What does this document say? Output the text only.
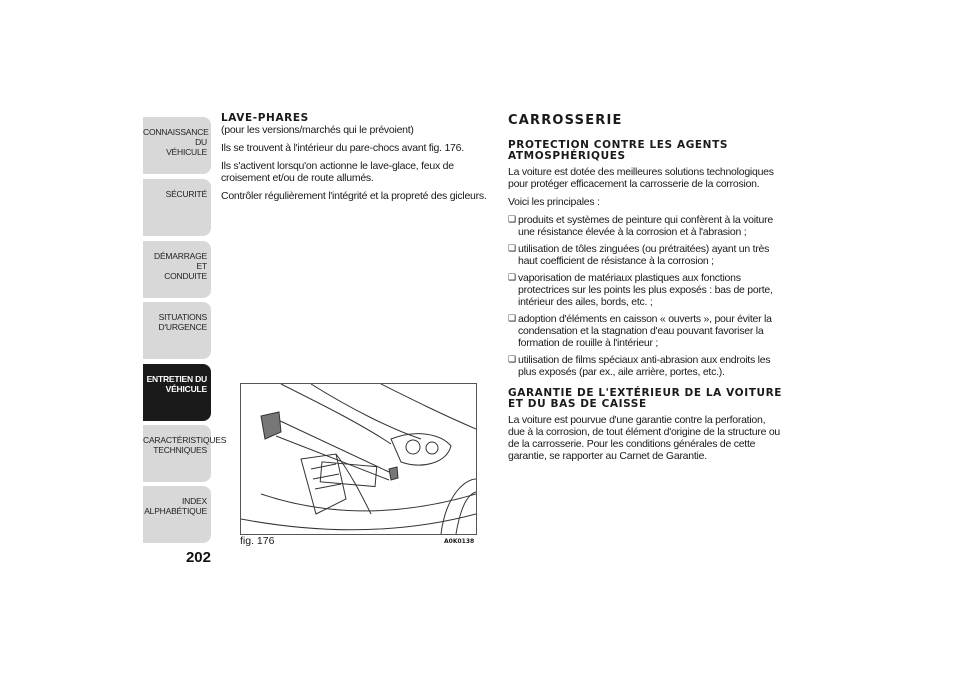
CONNAISSANCE DU
VÉHICULE
SÉCURITÉ
DÉMARRAGE ET
CONDUITE
SITUATIONS
D'URGENCE
ENTRETIEN DU
VÉHICULE
CARACTÉRISTIQUES
TECHNIQUES
INDEX
ALPHABÉTIQUE
202
LAVE-PHARES

(pour les versions/marchés qui le prévoient)

Ils se trouvent à l'intérieur du pare-chocs avant fig. 176.

Ils s'activent lorsqu'on actionne le lave-glace, feux de croisement et/ou de route allumés.

Contrôler régulièrement l'intégrité et la propreté des gicleurs.

fig. 176	A0K0138
CARROSSERIE
PROTECTION CONTRE LES AGENTS ATMOSPHÉRIQUES

La voiture est dotée des meilleures solutions technologiques pour protéger efficacement la carrosserie de la corrosion.

Voici les principales :

❑ produits et systèmes de peinture qui confèrent à la voiture une résistance élevée à la corrosion et à l'abrasion ;
❑ utilisation de tôles zinguées (ou prétraitées) ayant un très haut coefficient de résistance à la corrosion ;
❑ vaporisation de matériaux plastiques aux fonctions protectrices sur les points les plus exposés : bas de porte, intérieur des ailes, bords, etc. ;
❑ adoption d'éléments en caisson « ouverts », pour éviter la condensation et la stagnation d'eau pouvant favoriser la formation de rouille à l'intérieur ;
❑ utilisation de films spéciaux anti-abrasion aux endroits les plus exposés (par ex., aile arrière, portes, etc.).
GARANTIE DE L'EXTÉRIEUR DE LA VOITURE ET DU BAS DE CAISSE

La voiture est pourvue d'une garantie contre la perforation, due à la corrosion, de tout élément d'origine de la structure ou de la carrosserie. Pour les conditions générales de cette garantie, se rapporter au Carnet de Garantie.
